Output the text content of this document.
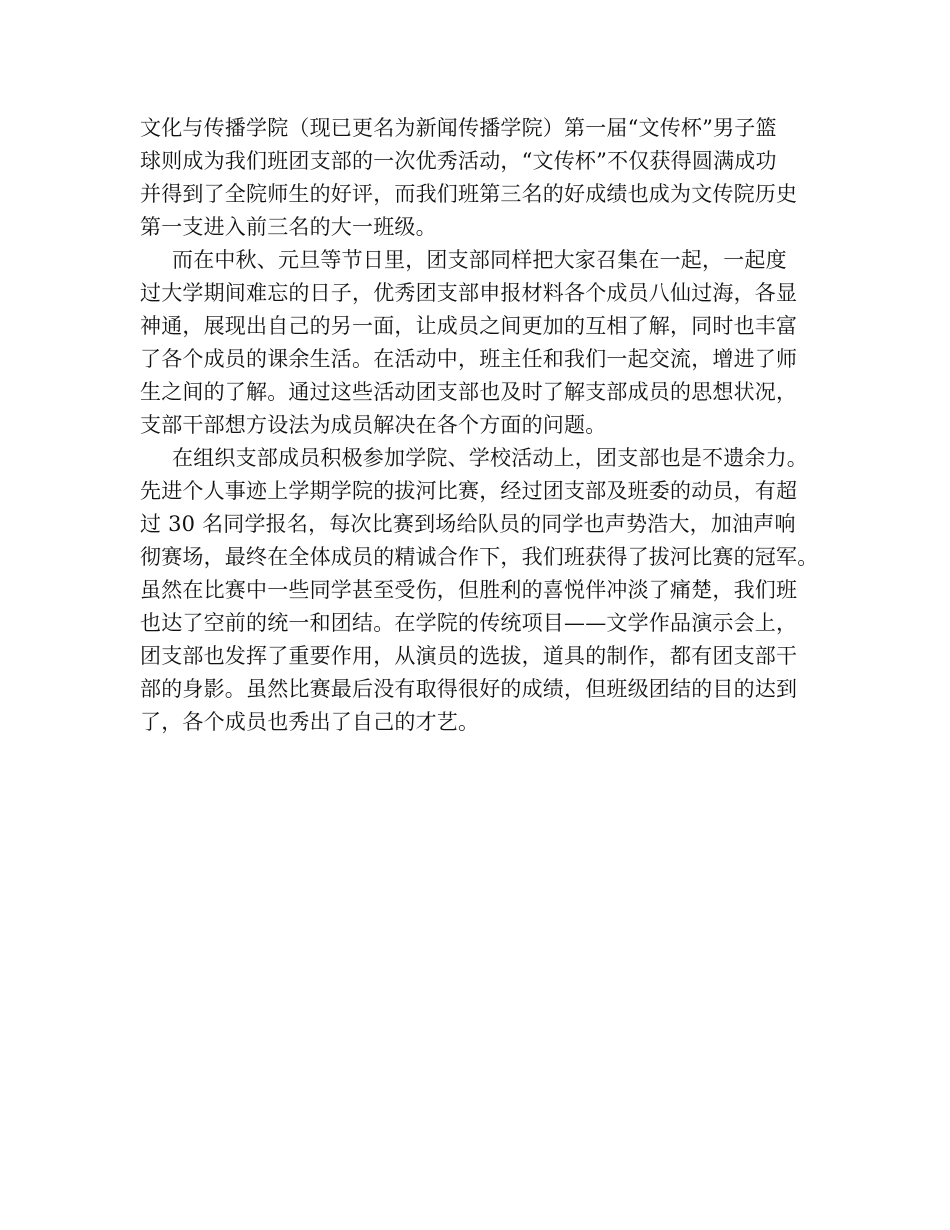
文化与传播学院（现已更名为新闻传播学院）第一届“文传杯”男子篮
球则成为我们班团支部的一次优秀活动，“文传杯”不仅获得圆满成功
并得到了全院师生的好评，而我们班第三名的好成绩也成为文传院历史
第一支进入前三名的大一班级。
而在中秋、元旦等节日里，团支部同样把大家召集在一起，一起度
过大学期间难忘的日子，优秀团支部申报材料各个成员八仙过海，各显
神通，展现出自己的另一面，让成员之间更加的互相了解，同时也丰富
了各个成员的课余生活。在活动中，班主任和我们一起交流，增进了师
生之间的了解。通过这些活动团支部也及时了解支部成员的思想状况，
支部干部想方设法为成员解决在各个方面的问题。
在组织支部成员积极参加学院、学校活动上，团支部也是不遗余力。
先进个人事迹上学期学院的拔河比赛，经过团支部及班委的动员，有超
过 30 名同学报名，每次比赛到场给队员的同学也声势浩大，加油声响
彻赛场，最终在全体成员的精诚合作下，我们班获得了拔河比赛的冠军。
虽然在比赛中一些同学甚至受伤，但胜利的喜悦伴冲淡了痛楚，我们班
也达了空前的统一和团结。在学院的传统项目——文学作品演示会上，
团支部也发挥了重要作用，从演员的选拔，道具的制作，都有团支部干
部的身影。虽然比赛最后没有取得很好的成绩，但班级团结的目的达到
了，各个成员也秀出了自己的才艺。
